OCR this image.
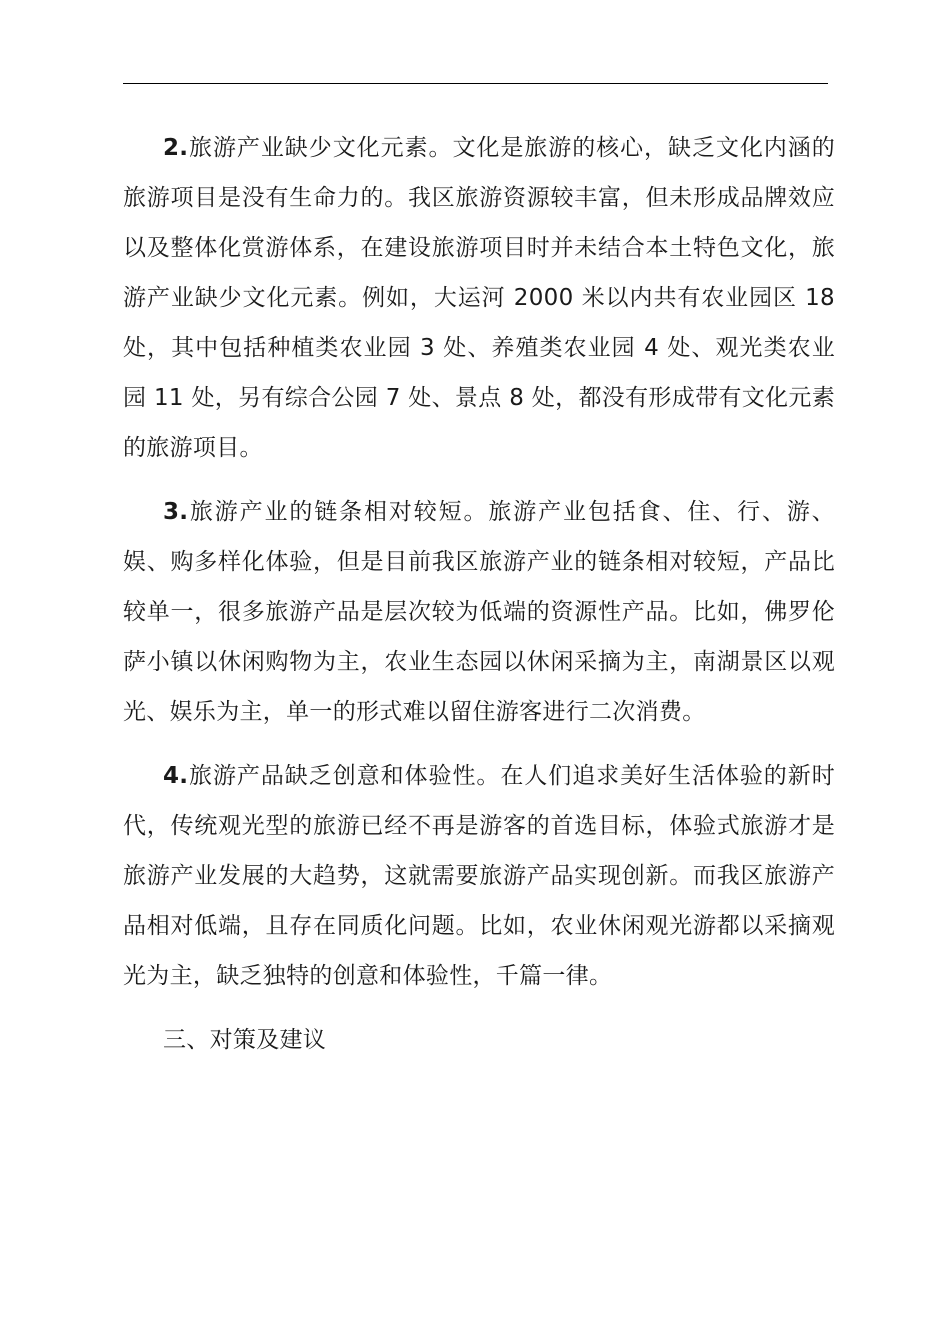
2.旅游产业缺少文化元素。文化是旅游的核心，缺乏文化内涵的旅游项目是没有生命力的。我区旅游资源较丰富，但未形成品牌效应以及整体化赏游体系，在建设旅游项目时并未结合本土特色文化，旅游产业缺少文化元素。例如，大运河 2000 米以内共有农业园区 18 处，其中包括种植类农业园 3 处、养殖类农业园 4 处、观光类农业园 11 处，另有综合公园 7 处、景点 8 处，都没有形成带有文化元素的旅游项目。

3.旅游产业的链条相对较短。旅游产业包括食、住、行、游、娱、购多样化体验，但是目前我区旅游产业的链条相对较短，产品比较单一，很多旅游产品是层次较为低端的资源性产品。比如，佛罗伦萨小镇以休闲购物为主，农业生态园以休闲采摘为主，南湖景区以观光、娱乐为主，单一的形式难以留住游客进行二次消费。

4.旅游产品缺乏创意和体验性。在人们追求美好生活体验的新时代，传统观光型的旅游已经不再是游客的首选目标，体验式旅游才是旅游产业发展的大趋势，这就需要旅游产品实现创新。而我区旅游产品相对低端，且存在同质化问题。比如，农业休闲观光游都以采摘观光为主，缺乏独特的创意和体验性，千篇一律。

三、对策及建议
